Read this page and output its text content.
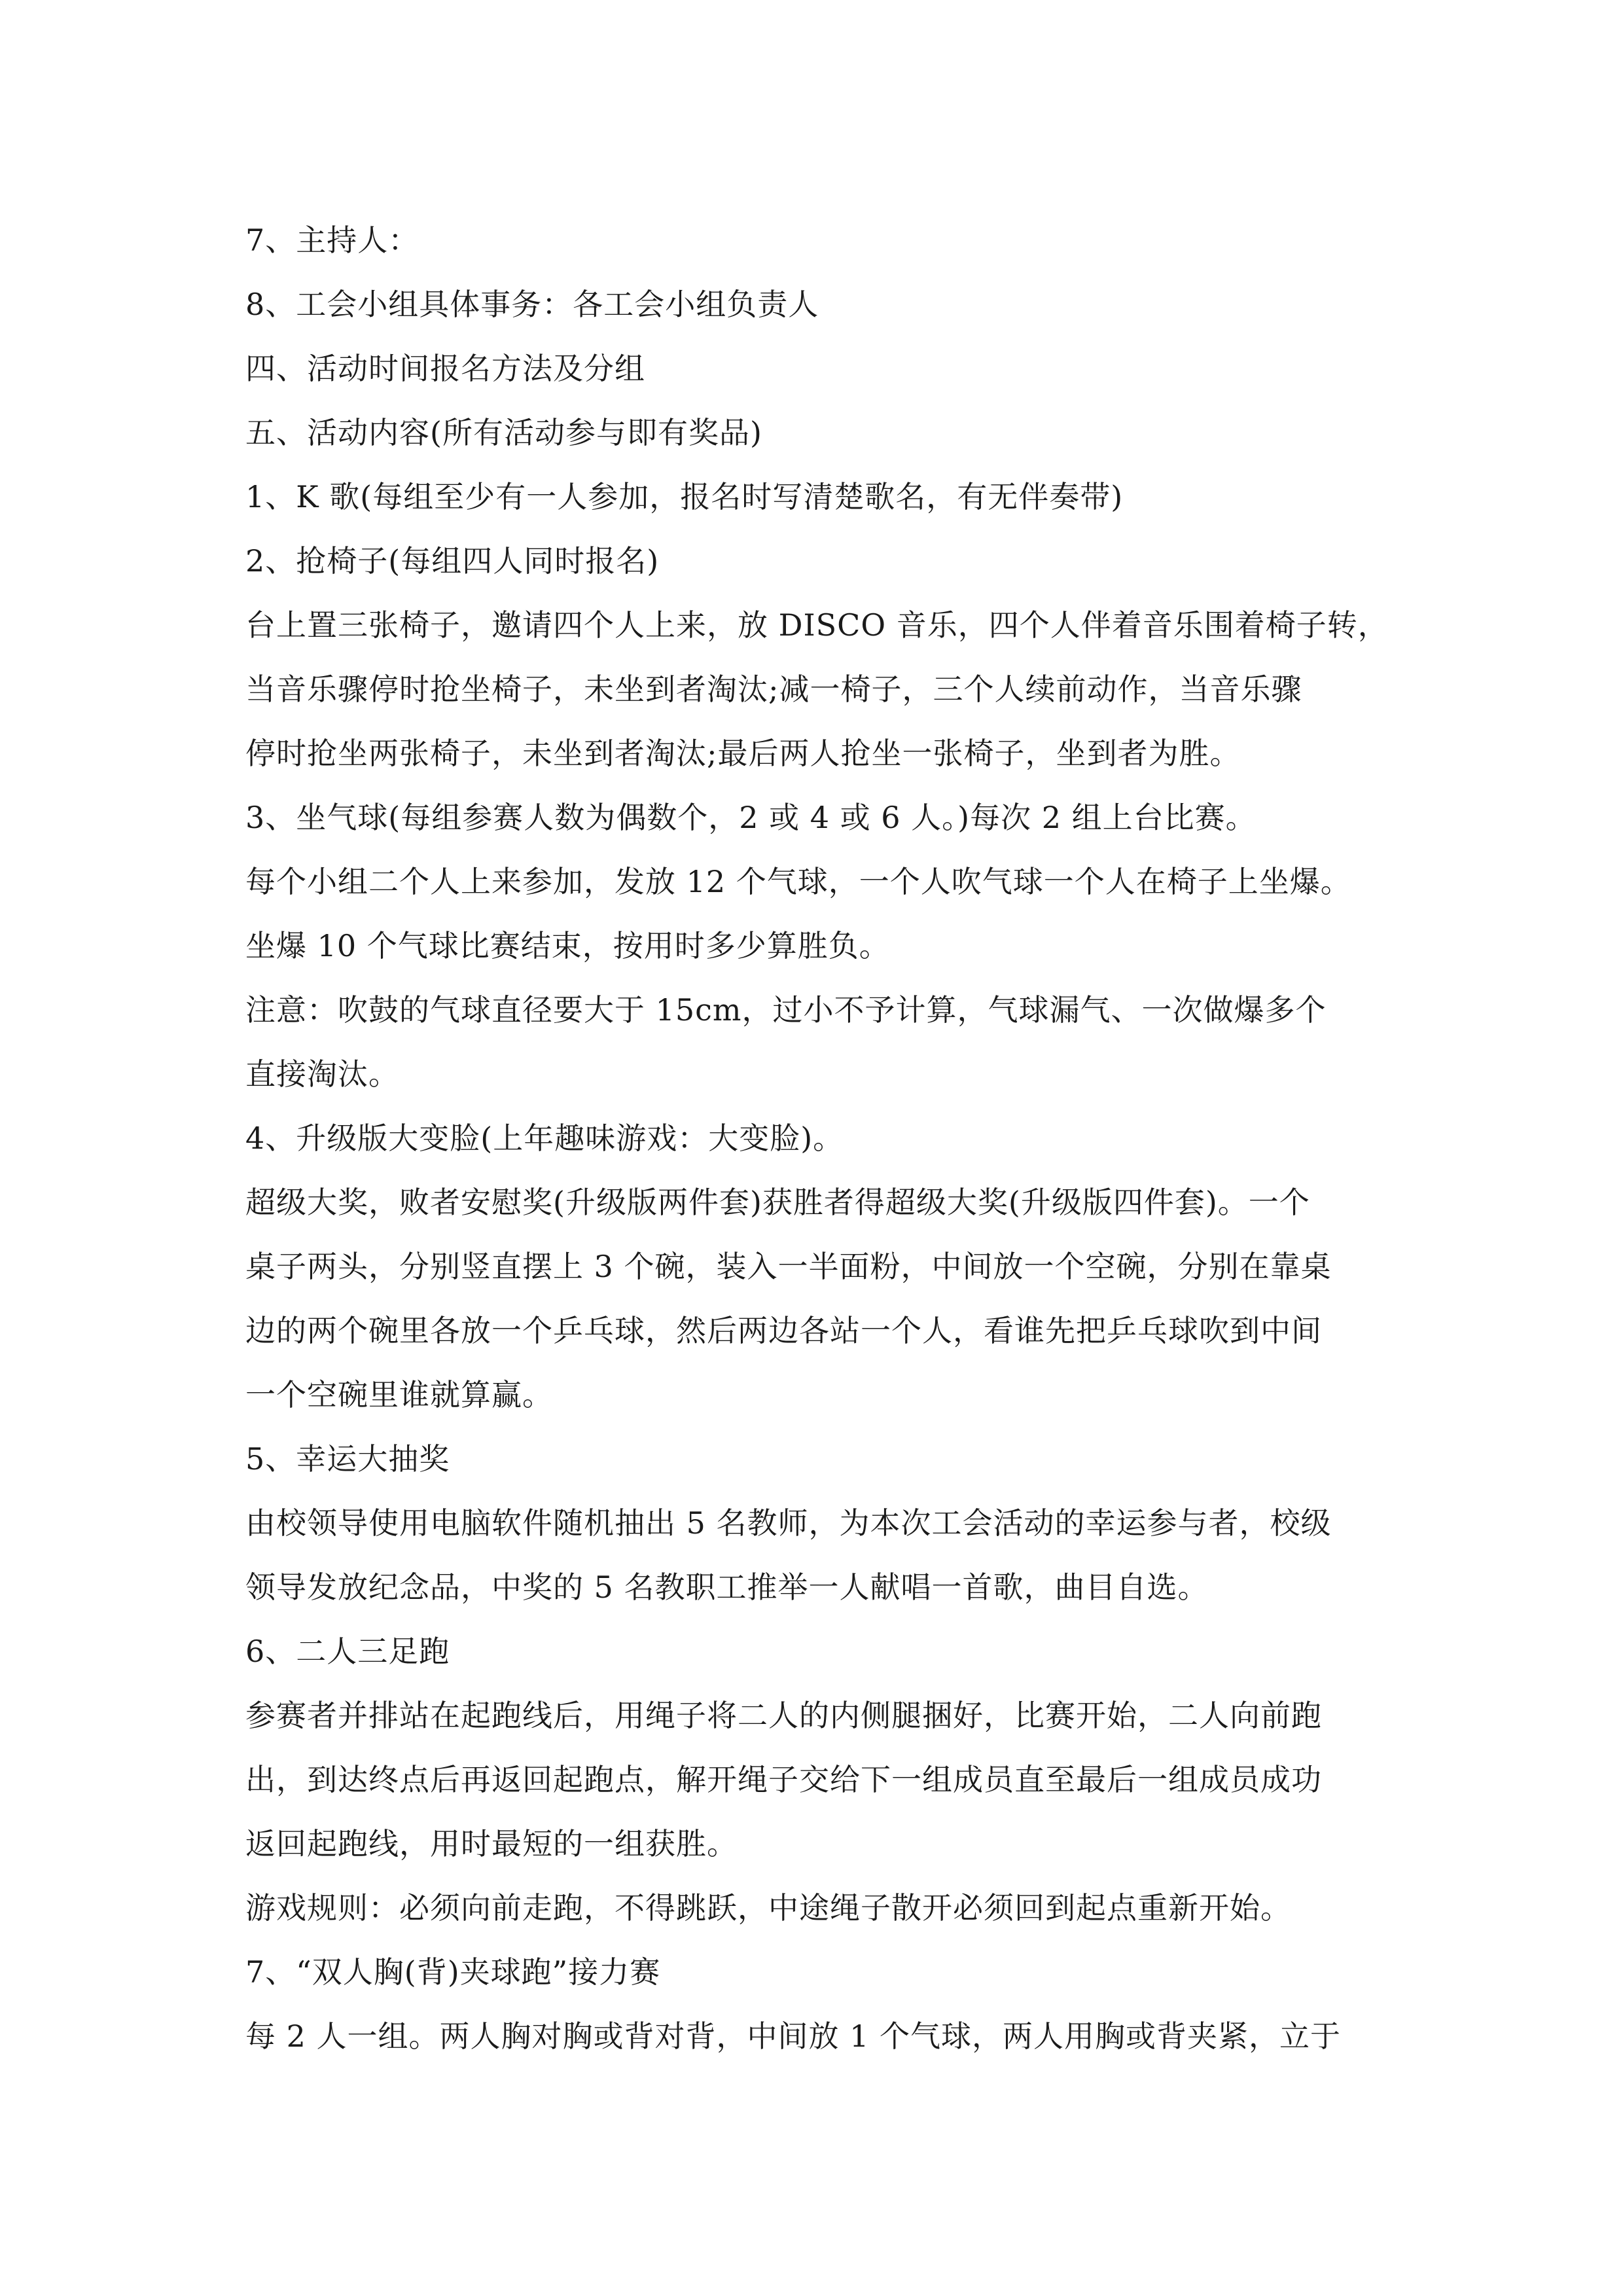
7、主持人：
8、工会小组具体事务：各工会小组负责人
四、活动时间报名方法及分组
五、活动内容(所有活动参与即有奖品)
1、K 歌(每组至少有一人参加，报名时写清楚歌名，有无伴奏带)
2、抢椅子(每组四人同时报名)
台上置三张椅子，邀请四个人上来，放 DISCO 音乐，四个人伴着音乐围着椅子转，
当音乐骤停时抢坐椅子，未坐到者淘汰;减一椅子，三个人续前动作，当音乐骤
停时抢坐两张椅子，未坐到者淘汰;最后两人抢坐一张椅子，坐到者为胜。
3、坐气球(每组参赛人数为偶数个，2 或 4 或 6 人。)每次 2 组上台比赛。
每个小组二个人上来参加，发放 12 个气球，一个人吹气球一个人在椅子上坐爆。
坐爆 10 个气球比赛结束，按用时多少算胜负。
注意：吹鼓的气球直径要大于 15cm，过小不予计算，气球漏气、一次做爆多个
直接淘汰。
4、升级版大变脸(上年趣味游戏：大变脸)。
超级大奖，败者安慰奖(升级版两件套)获胜者得超级大奖(升级版四件套)。一个
桌子两头，分别竖直摆上 3 个碗，装入一半面粉，中间放一个空碗，分别在靠桌
边的两个碗里各放一个乒乓球，然后两边各站一个人，看谁先把乒乓球吹到中间
一个空碗里谁就算赢。
5、幸运大抽奖
由校领导使用电脑软件随机抽出 5 名教师，为本次工会活动的幸运参与者，校级
领导发放纪念品，中奖的 5 名教职工推举一人献唱一首歌，曲目自选。
6、二人三足跑
参赛者并排站在起跑线后，用绳子将二人的内侧腿捆好，比赛开始，二人向前跑
出，到达终点后再返回起跑点，解开绳子交给下一组成员直至最后一组成员成功
返回起跑线，用时最短的一组获胜。
游戏规则：必须向前走跑，不得跳跃，中途绳子散开必须回到起点重新开始。
7、“双人胸(背)夹球跑”接力赛
每 2 人一组。两人胸对胸或背对背，中间放 1 个气球，两人用胸或背夹紧，立于
